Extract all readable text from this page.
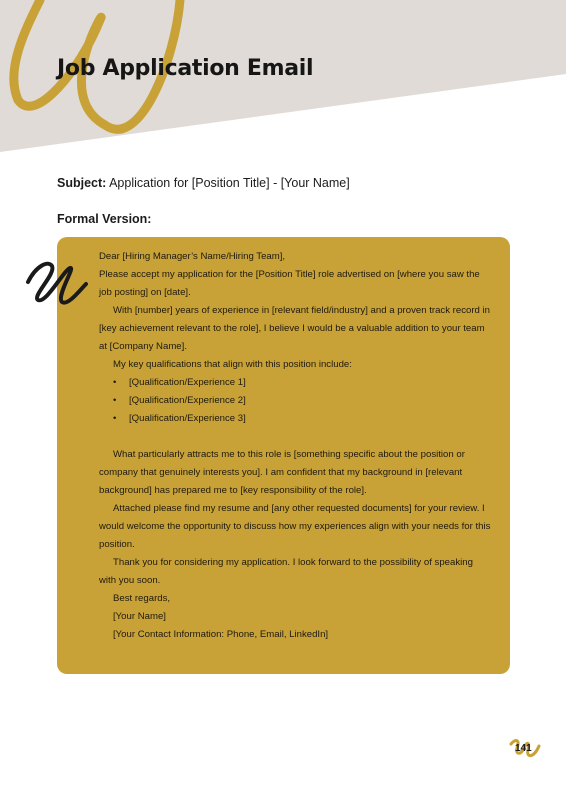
Job Application Email

Subject: Application for [Position Title] - [Your Name]

Formal Version:

Dear [Hiring Manager’s Name/Hiring Team],

Please accept my application for the [Position Title] role advertised on [where you saw the job posting] on [date].

With [number] years of experience in [relevant field/industry] and a proven track record in [key achievement relevant to the role], I believe I would be a valuable addition to your team at [Company Name].

My key qualifications that align with this position include:

• [Qualification/Experience 1]
• [Qualification/Experience 2]
• [Qualification/Experience 3]

What particularly attracts me to this role is [something specific about the position or company that genuinely interests you]. I am confident that my background in [relevant background] has prepared me to [key responsibility of the role].

Attached please find my resume and [any other requested documents] for your review. I would welcome the opportunity to discuss how my experiences align with your needs for this position.

Thank you for considering my application. I look forward to the possibility of speaking with you soon.

Best regards,

[Your Name]

[Your Contact Information: Phone, Email, LinkedIn]

141
